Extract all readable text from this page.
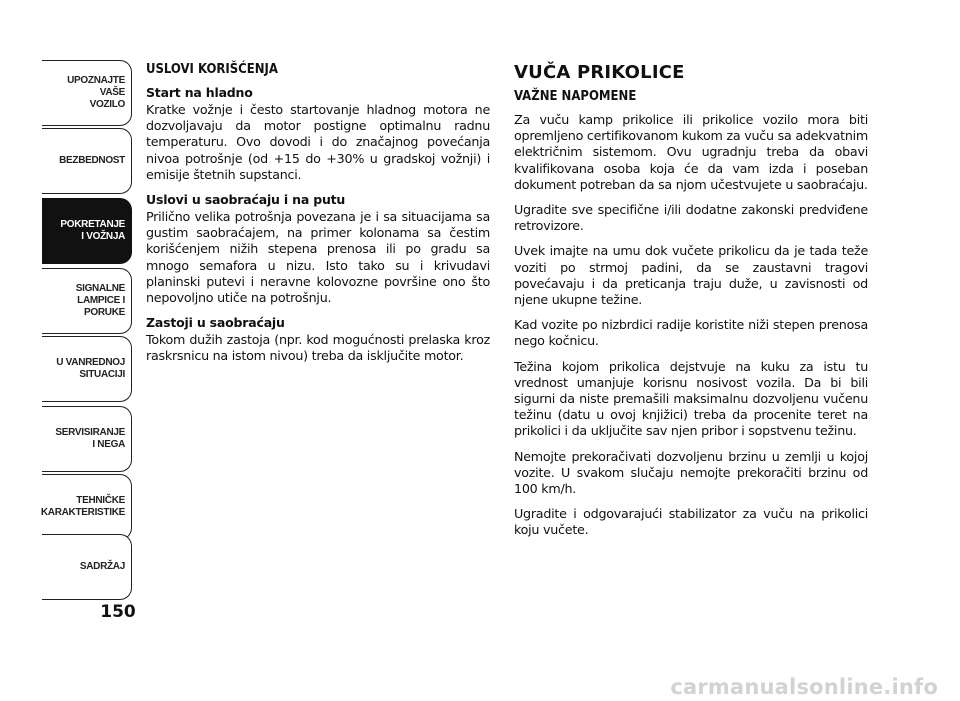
UPOZNAJTE
VAŠE
VOZILO
BEZBEDNOST
POKRETANJE
I VOŽNJA
SIGNALNE
LAMPICE I PORUKE
U VANREDNOJ
SITUACIJI
SERVISIRANJE
I NEGA
TEHNIČKE
KARAKTERISTIKE
SADRŽAJ
150
USLOVI KORIŠĆENJA
Start na hladno

Kratke vožnje i često startovanje hladnog motora ne dozvoljavaju da motor postigne optimalnu radnu temperaturu. Ovo dovodi i do značajnog povećanja nivoa potrošnje (od +15 do +30% u gradskoj vožnji) i emisije štetnih supstanci.

Uslovi u saobraćaju i na putu

Prilično velika potrošnja povezana je i sa situacijama sa gustim saobraćajem, na primer kolonama sa čestim korišćenjem nižih stepena prenosa ili po gradu sa mnogo semafora u nizu. Isto tako su i krivudavi planinski putevi i neravne kolovozne površine ono što nepovoljno utiče na potrošnju.

Zastoji u saobraćaju

Tokom dužih zastoja (npr. kod mogućnosti prelaska kroz raskrsnicu na istom nivou) treba da isključite motor.

VUČA PRIKOLICE
VAŽNE NAPOMENE

Za vuču kamp prikolice ili prikolice vozilo mora biti opremljeno certifikovanom kukom za vuču sa adekvatnim električnim sistemom. Ovu ugradnju treba da obavi kvalifikovana osoba koja će da vam izda i poseban dokument potreban da sa njom učestvujete u saobraćaju.

Ugradite sve specifične i/ili dodatne zakonski predviđene retrovizore.

Uvek imajte na umu dok vučete prikolicu da je tada teže voziti po strmoj padini, da se zaustavni tragovi povećavaju i da preticanja traju duže, u zavisnosti od njene ukupne težine.

Kad vozite po nizbrdici radije koristite niži stepen prenosa nego kočnicu.

Težina kojom prikolica dejstvuje na kuku za istu tu vrednost umanjuje korisnu nosivost vozila. Da bi bili sigurni da niste premašili maksimalnu dozvoljenu vučenu težinu (datu u ovoj knjižici) treba da procenite teret na prikolici i da uključite sav njen pribor i sopstvenu težinu.

Nemojte prekoračivati dozvoljenu brzinu u zemlji u kojoj vozite. U svakom slučaju nemojte prekoračiti brzinu od 100 km/h.

Ugradite i odgovarajući stabilizator za vuču na prikolici koju vučete.

carmanualsonline.info
